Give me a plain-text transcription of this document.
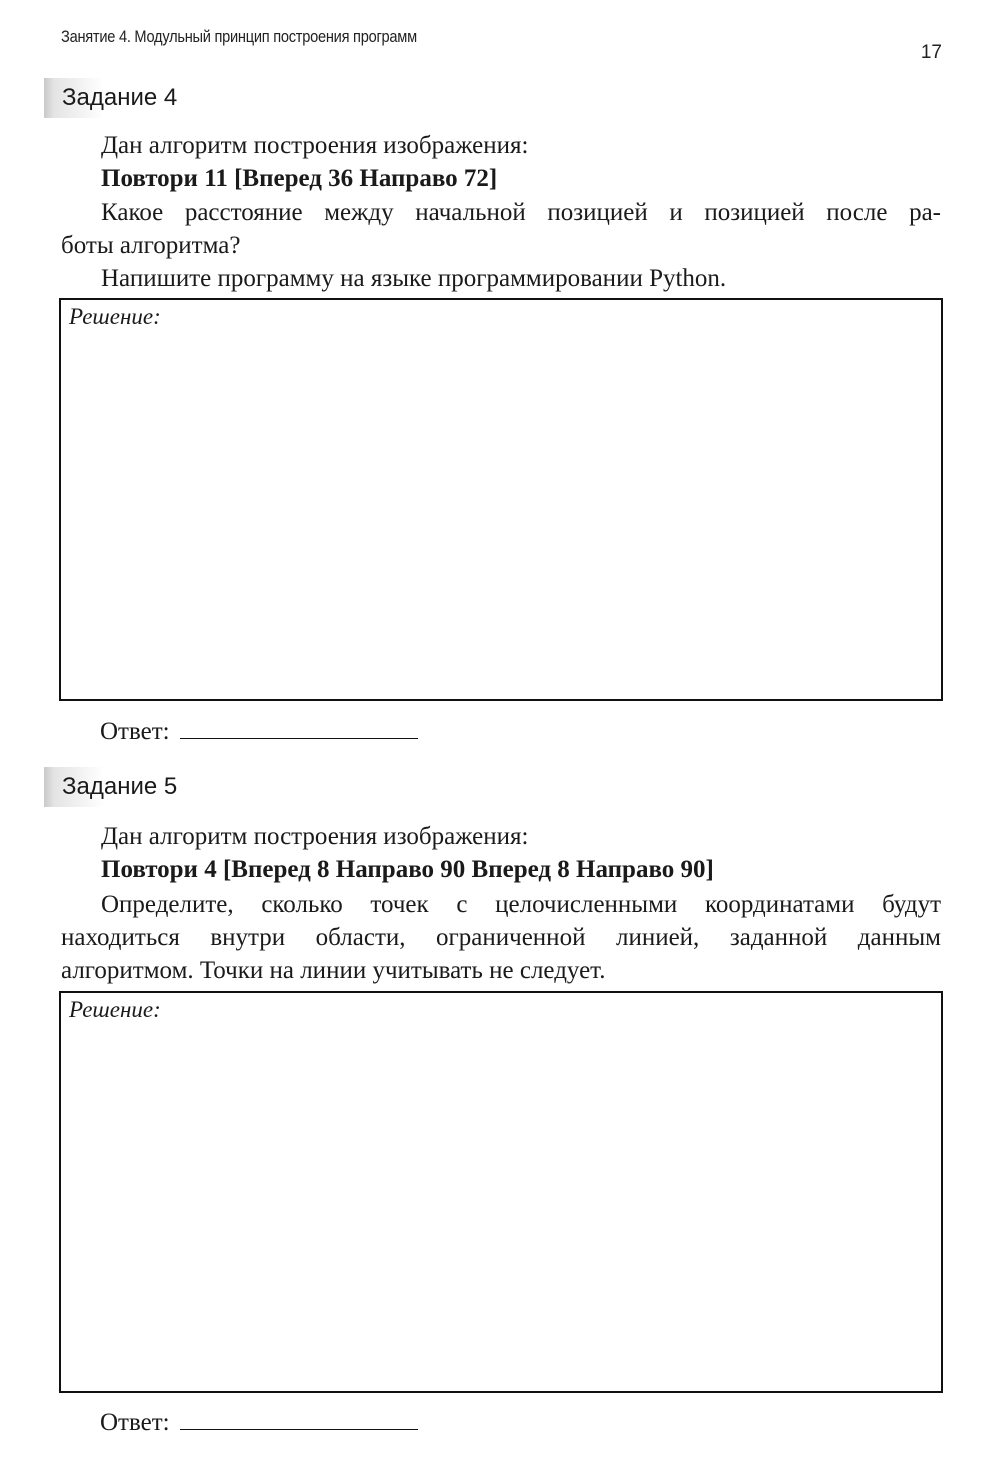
Занятие 4. Модульный принцип построения программ
17
Задание 4

Дан алгоритм построения изображения:

Повтори 11 [Вперед 36 Направо 72]

Какое расстояние между начальной позицией и позицией после ра-
боты алгоритма?

Напишите программу на языке программировании Python.

Решение:
Ответ:
Задание 5

Дан алгоритм построения изображения:

Повтори 4 [Вперед 8 Направо 90 Вперед 8 Направо 90]

Определите, сколько точек с целочисленными координатами будут
находиться внутри области, ограниченной линией, заданной данным
алгоритмом. Точки на линии учитывать не следует.
Решение:
Ответ:
